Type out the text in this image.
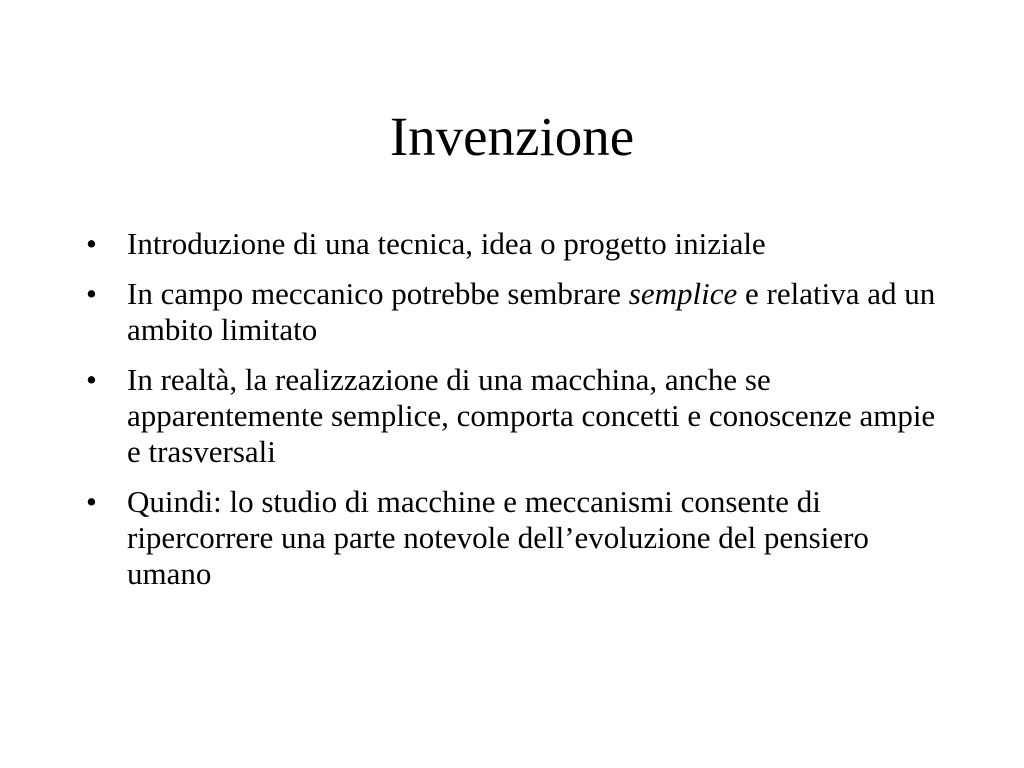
Invenzione
• Introduzione di una tecnica, idea o progetto iniziale
• In campo meccanico potrebbe sembrare semplice e relativa ad un ambito limitato
• In realtà, la realizzazione di una macchina, anche se apparentemente semplice, comporta concetti e conoscenze ampie e trasversali
• Quindi: lo studio di macchine e meccanismi consente di ripercorrere una parte notevole dell’evoluzione del pensiero umano
